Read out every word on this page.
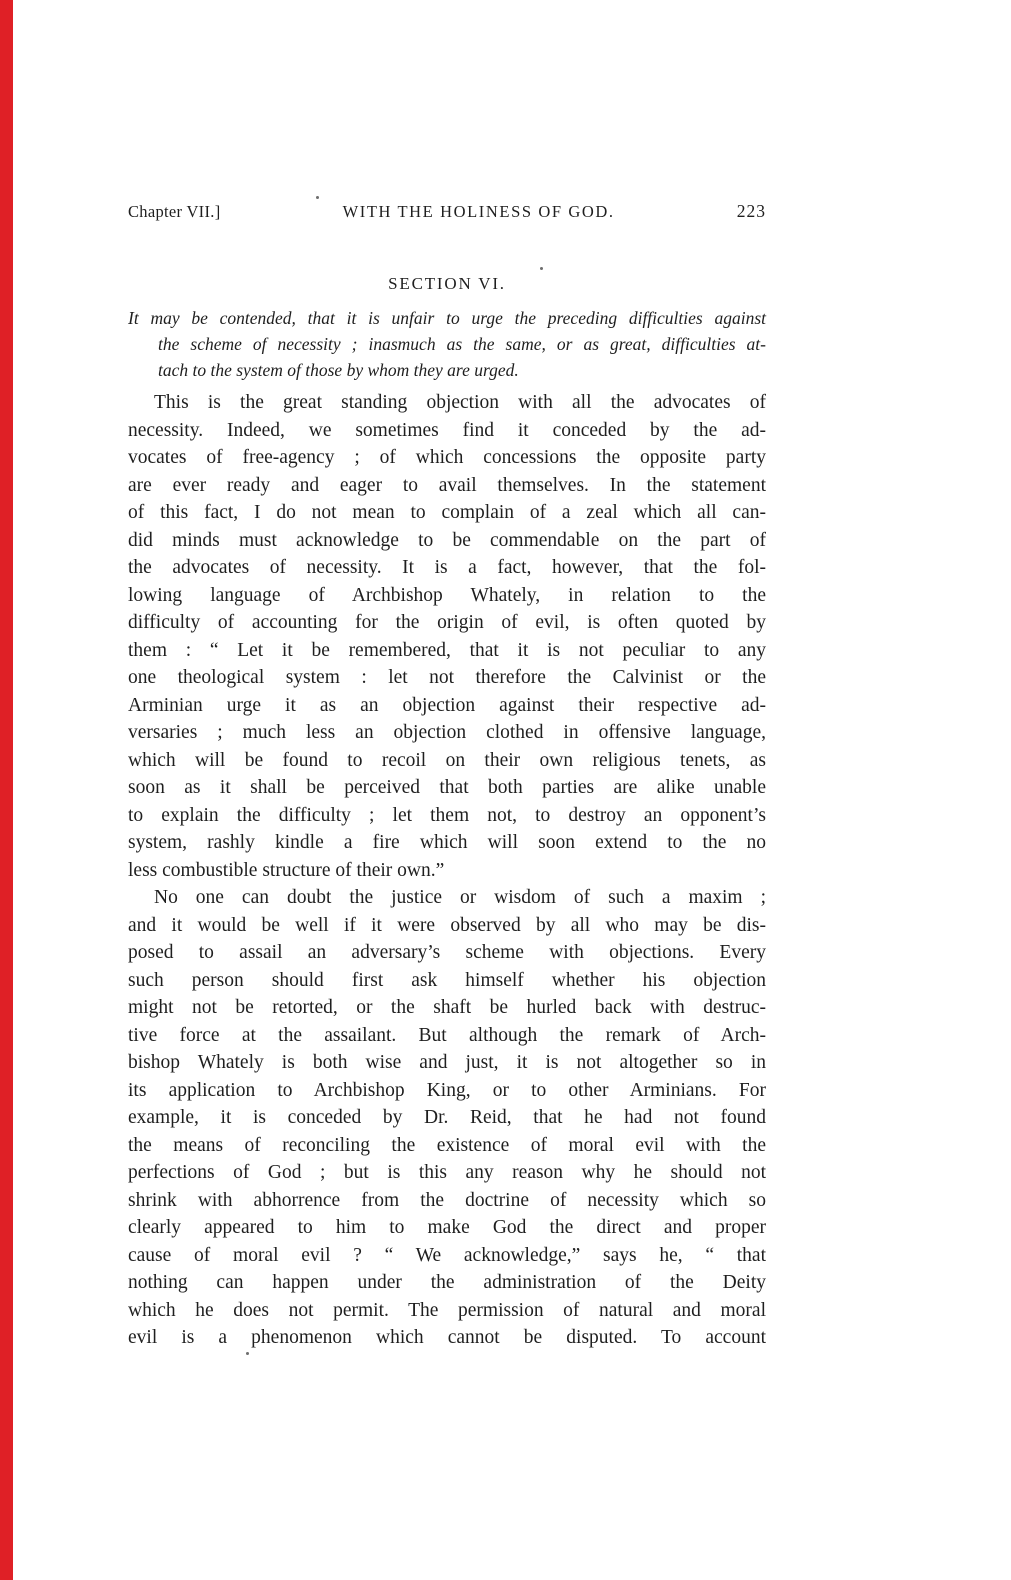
Chapter VII.]	WITH THE HOLINESS OF GOD.	223
SECTION VI.
It may be contended, that it is unfair to urge the preceding difficulties against
the scheme of necessity ; inasmuch as the same, or as great, difficulties at-
tach to the system of those by whom they are urged.
This is the great standing objection with all the advocates of
necessity. Indeed, we sometimes find it conceded by the ad-
vocates of free-agency ; of which concessions the opposite party
are ever ready and eager to avail themselves. In the statement
of this fact, I do not mean to complain of a zeal which all can-
did minds must acknowledge to be commendable on the part of
the advocates of necessity. It is a fact, however, that the fol-
lowing language of Archbishop Whately, in relation to the
difficulty of accounting for the origin of evil, is often quoted by
them : “ Let it be remembered, that it is not peculiar to any
one theological system : let not therefore the Calvinist or the
Arminian urge it as an objection against their respective ad-
versaries ; much less an objection clothed in offensive language,
which will be found to recoil on their own religious tenets, as
soon as it shall be perceived that both parties are alike unable
to explain the difficulty ; let them not, to destroy an opponent’s
system, rashly kindle a fire which will soon extend to the no
less combustible structure of their own.”
No one can doubt the justice or wisdom of such a maxim ;
and it would be well if it were observed by all who may be dis-
posed to assail an adversary’s scheme with objections. Every
such person should first ask himself whether his objection
might not be retorted, or the shaft be hurled back with destruc-
tive force at the assailant. But although the remark of Arch-
bishop Whately is both wise and just, it is not altogether so in
its application to Archbishop King, or to other Arminians. For
example, it is conceded by Dr. Reid, that he had not found
the means of reconciling the existence of moral evil with the
perfections of God ; but is this any reason why he should not
shrink with abhorrence from the doctrine of necessity which so
clearly appeared to him to make God the direct and proper
cause of moral evil ? “ We acknowledge,” says he, “ that
nothing can happen under the administration of the Deity
which he does not permit. The permission of natural and moral
evil is a phenomenon which cannot be disputed. To account
